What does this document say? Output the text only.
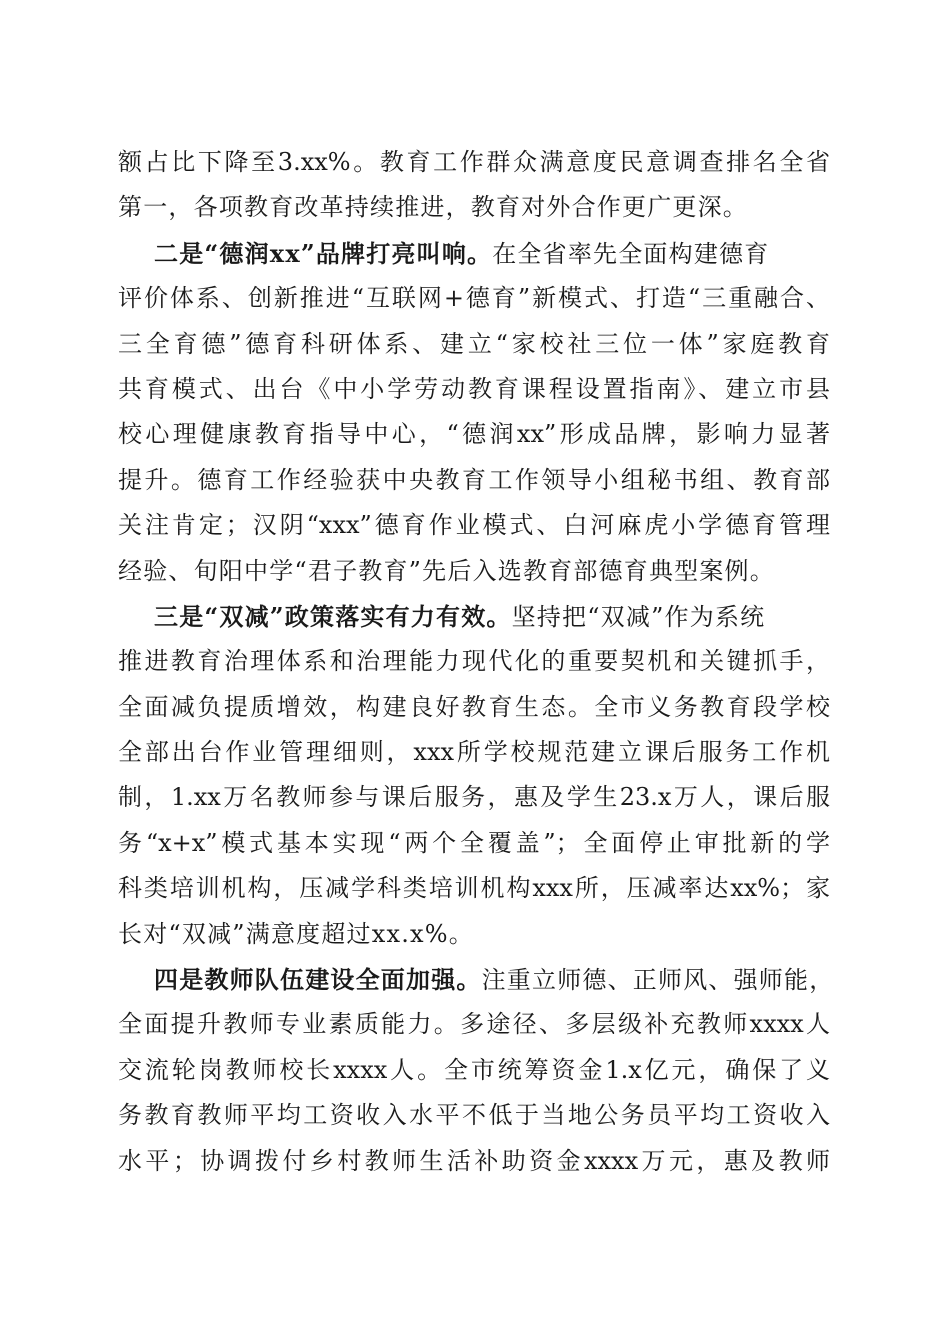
额占比下降至3.xx%。教育工作群众满意度民意调查排名全省
第一，各项教育改革持续推进，教育对外合作更广更深。
二是“德润xx”品牌打亮叫响。在全省率先全面构建德育
评价体系、创新推进“互联网+德育”新模式、打造“三重融合、
三全育德”德育科研体系、建立“家校社三位一体”家庭教育
共育模式、出台《中小学劳动教育课程设置指南》、建立市县
校心理健康教育指导中心，“德润xx”形成品牌，影响力显著
提升。德育工作经验获中央教育工作领导小组秘书组、教育部
关注肯定；汉阴“xxx”德育作业模式、白河麻虎小学德育管理
经验、旬阳中学“君子教育”先后入选教育部德育典型案例。
三是“双减”政策落实有力有效。坚持把“双减”作为系统
推进教育治理体系和治理能力现代化的重要契机和关键抓手，
全面减负提质增效，构建良好教育生态。全市义务教育段学校
全部出台作业管理细则，xxx所学校规范建立课后服务工作机
制，1.xx万名教师参与课后服务，惠及学生23.x万人，课后服
务“x+x”模式基本实现“两个全覆盖”；全面停止审批新的学
科类培训机构，压减学科类培训机构xxx所，压减率达xx%；家
长对“双减”满意度超过xx.x%。
四是教师队伍建设全面加强。注重立师德、正师风、强师能，
全面提升教师专业素质能力。多途径、多层级补充教师xxxx人
交流轮岗教师校长xxxx人。全市统筹资金1.x亿元，确保了义
务教育教师平均工资收入水平不低于当地公务员平均工资收入
水平；协调拨付乡村教师生活补助资金xxxx万元，惠及教师
